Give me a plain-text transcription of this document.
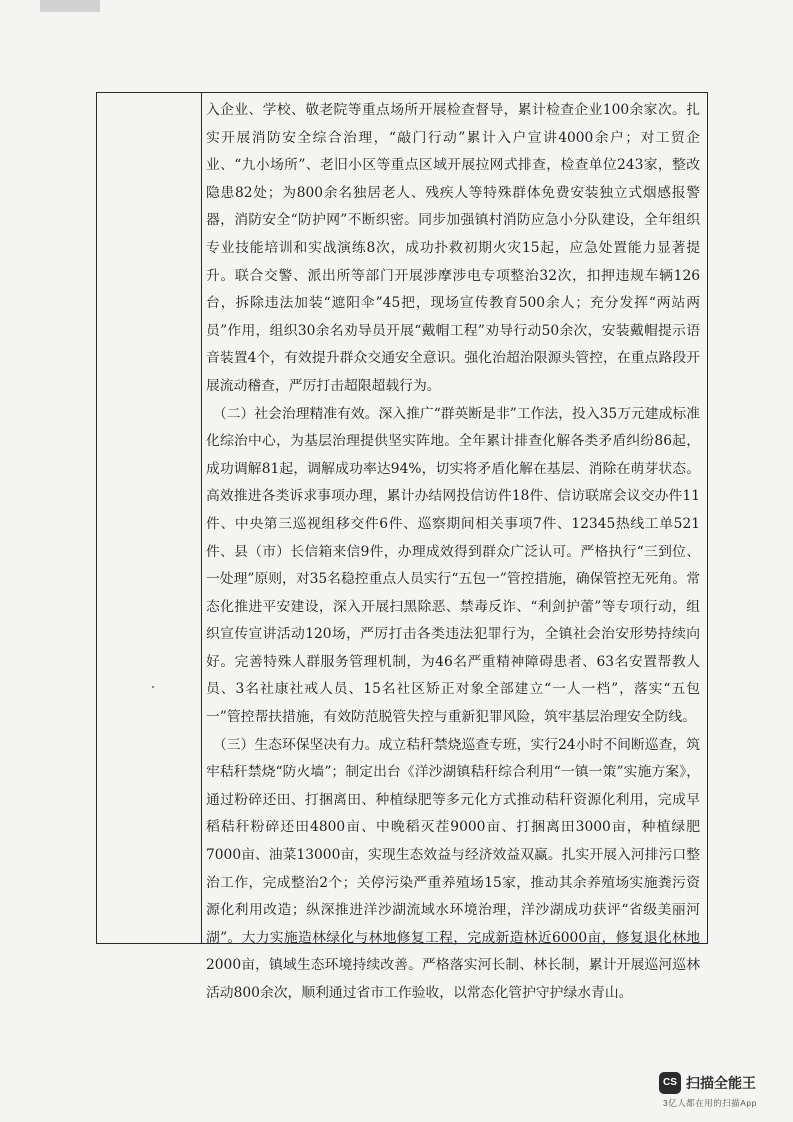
入企业、学校、敬老院等重点场所开展检查督导，累计检查企业100余家次。扎实开展消防安全综合治理，“敲门行动”累计入户宣讲4000余户；对工贸企业、“九小场所”、老旧小区等重点区域开展拉网式排查，检查单位243家，整改隐患82处；为800余名独居老人、残疾人等特殊群体免费安装独立式烟感报警器，消防安全“防护网”不断织密。同步加强镇村消防应急小分队建设，全年组织专业技能培训和实战演练8次，成功扑救初期火灾15起，应急处置能力显著提升。联合交警、派出所等部门开展涉摩涉电专项整治32次，扣押违规车辆126台，拆除违法加装“遮阳伞”45把，现场宣传教育500余人；充分发挥“两站两员”作用，组织30余名劝导员开展“戴帽工程”劝导行动50余次，安装戴帽提示语音装置4个，有效提升群众交通安全意识。强化治超治限源头管控，在重点路段开展流动稽查，严厉打击超限超载行为。

（二）社会治理精准有效。深入推广“群英断是非”工作法，投入35万元建成标准化综治中心，为基层治理提供坚实阵地。全年累计排查化解各类矛盾纠纷86起，成功调解81起，调解成功率达94%，切实将矛盾化解在基层、消除在萌芽状态。高效推进各类诉求事项办理，累计办结网投信访件18件、信访联席会议交办件11件、中央第三巡视组移交件6件、巡察期间相关事项7件、12345热线工单521件、县（市）长信箱来信9件，办理成效得到群众广泛认可。严格执行“三到位、一处理”原则，对35名稳控重点人员实行“五包一”管控措施，确保管控无死角。常态化推进平安建设，深入开展扫黑除恶、禁毒反诈、“利剑护蕾”等专项行动，组织宣传宣讲活动120场，严厉打击各类违法犯罪行为，全镇社会治安形势持续向好。完善特殊人群服务管理机制，为46名严重精神障碍患者、63名安置帮教人员、3名社康社戒人员、15名社区矫正对象全部建立“一人一档”，落实“五包一”管控帮扶措施，有效防范脱管失控与重新犯罪风险，筑牢基层治理安全防线。

（三）生态环保坚决有力。成立秸秆禁烧巡查专班，实行24小时不间断巡查，筑牢秸秆禁烧“防火墙”；制定出台《洋沙湖镇秸秆综合利用“一镇一策”实施方案》，通过粉碎还田、打捆离田、种植绿肥等多元化方式推动秸秆资源化利用，完成早稻秸秆粉碎还田4800亩、中晚稻灭茬9000亩、打捆离田3000亩，种植绿肥7000亩、油菜13000亩，实现生态效益与经济效益双赢。扎实开展入河排污口整治工作，完成整治2个；关停污染严重养殖场15家，推动其余养殖场实施粪污资源化利用改造；纵深推进洋沙湖流域水环境治理，洋沙湖成功获评“省级美丽河湖”。大力实施造林绿化与林地修复工程，完成新造林近6000亩，修复退化林地2000亩，镇域生态环境持续改善。严格落实河长制、林长制，累计开展巡河巡林活动800余次，顺利通过省市工作验收，以常态化管护守护绿水青山。

CS 扫描全能王
3亿人都在用的扫描App
